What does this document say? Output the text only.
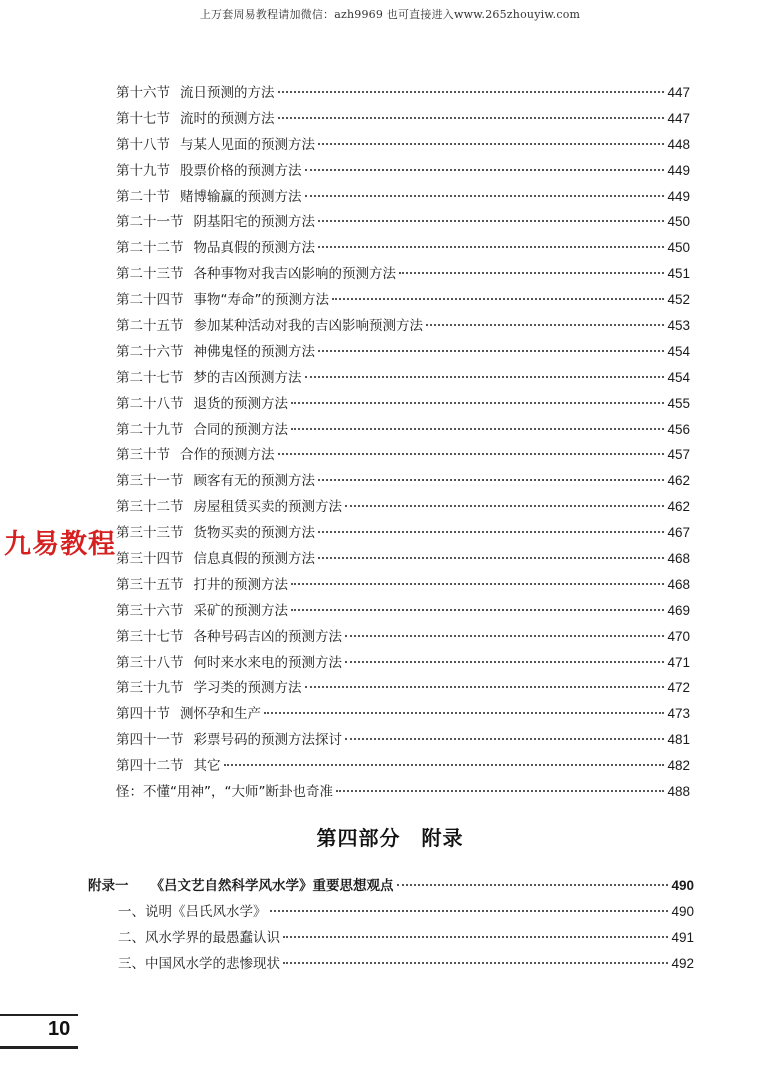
上万套周易教程请加微信：azh9969 也可直接进入www.265zhouyiw.com
第十六节 流日预测的方法	447
第十七节 流时的预测方法	447
第十八节 与某人见面的预测方法	448
第十九节 股票价格的预测方法	449
第二十节 赌博输赢的预测方法	449
第二十一节 阴基阳宅的预测方法	450
第二十二节 物品真假的预测方法	450
第二十三节 各种事物对我吉凶影响的预测方法	451
第二十四节 事物“寿命”的预测方法	452
第二十五节 参加某种活动对我的吉凶影响预测方法	453
第二十六节 神佛鬼怪的预测方法	454
第二十七节 梦的吉凶预测方法	454
第二十八节 退货的预测方法	455
第二十九节 合同的预测方法	456
第三十节 合作的预测方法	457
第三十一节 顾客有无的预测方法	462
第三十二节 房屋租赁买卖的预测方法	462
第三十三节 货物买卖的预测方法	467
第三十四节 信息真假的预测方法	468
第三十五节 打井的预测方法	468
第三十六节 采矿的预测方法	469
第三十七节 各种号码吉凶的预测方法	470
第三十八节 何时来水来电的预测方法	471
第三十九节 学习类的预测方法	472
第四十节 测怀孕和生产	473
第四十一节 彩票号码的预测方法探讨	481
第四十二节 其它	482
怪：不懂“用神”，“大师”断卦也奇准	488
第四部分　附录
附录一 《吕文艺自然科学风水学》重要思想观点	490
一、说明《吕氏风水学》	490
二、风水学界的最愚蠢认识	491
三、中国风水学的悲惨现状	492
九易教程
10
